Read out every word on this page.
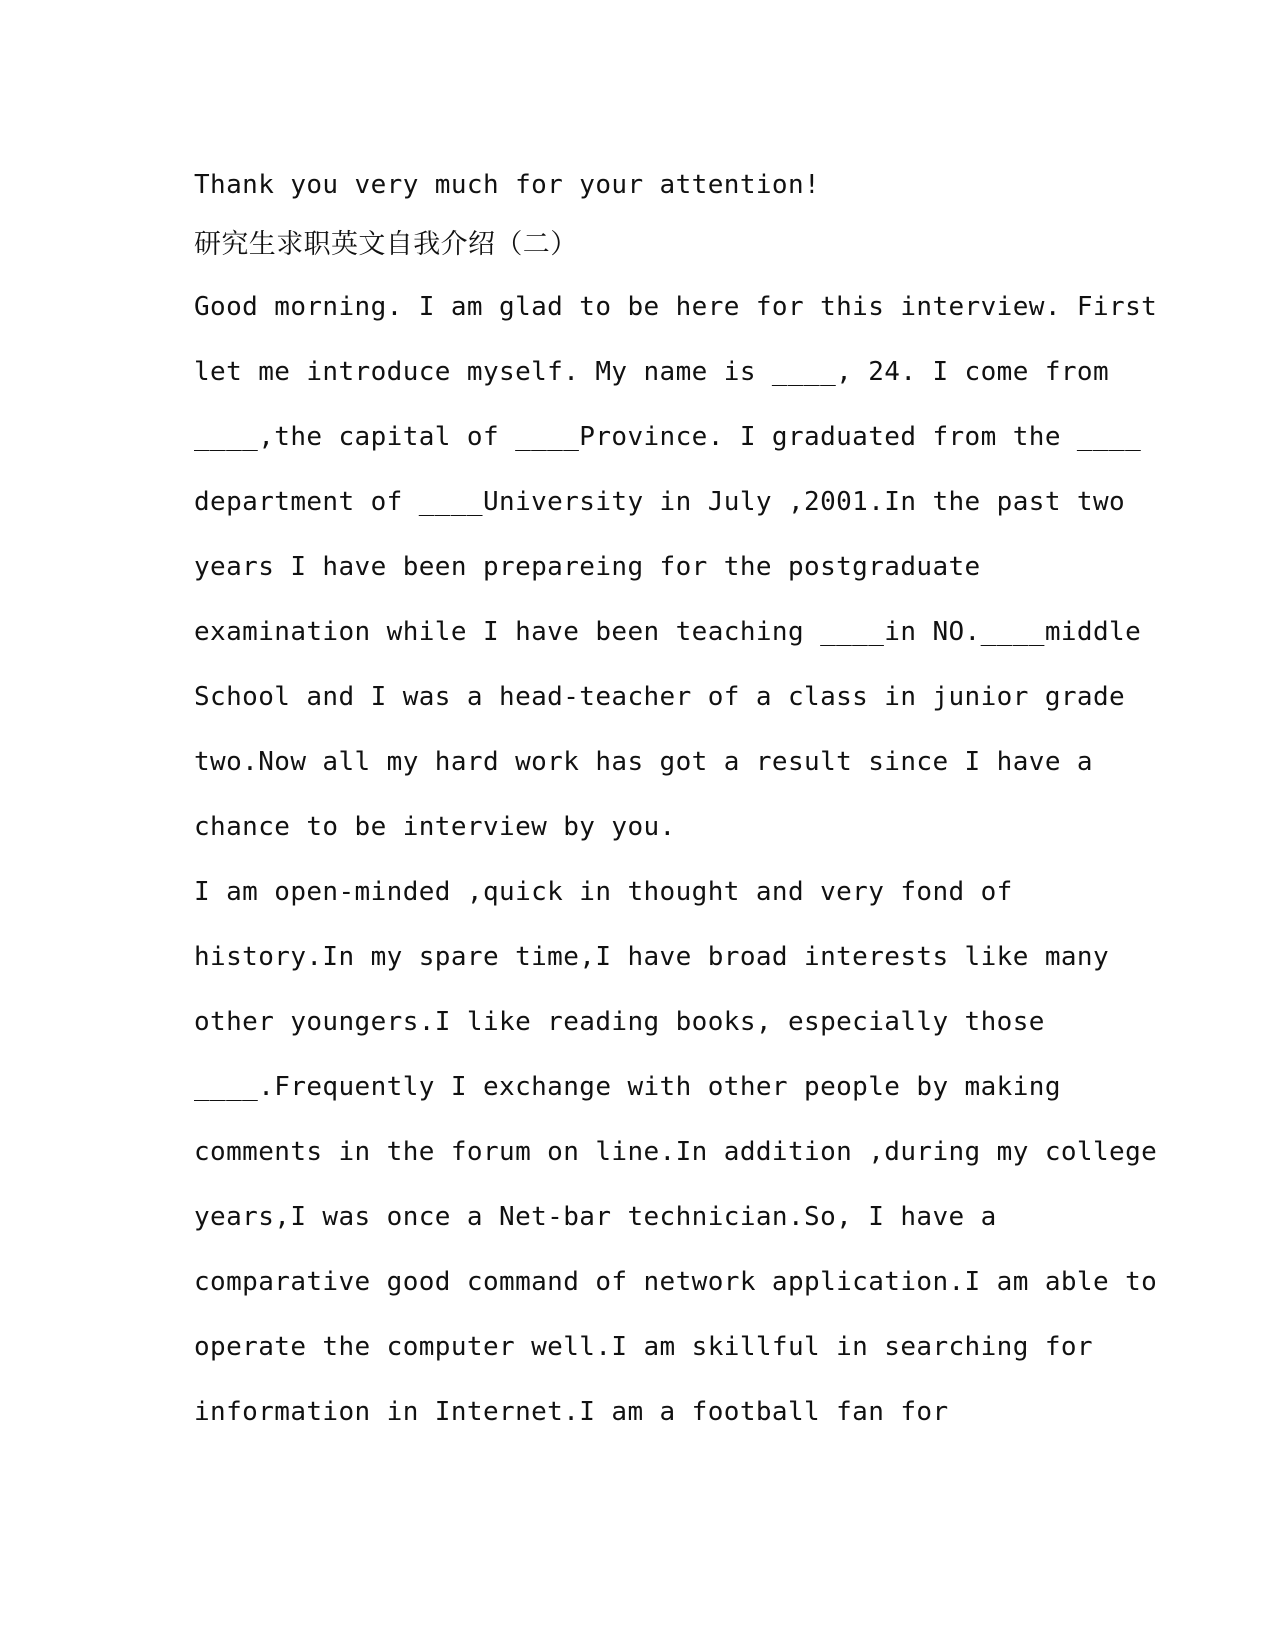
Thank you very much for your attention!
研究生求职英文自我介绍（二）
Good morning. I am glad to be here for this interview. First
let me introduce myself. My name is ____, 24. I come from
____,the capital of ____Province. I graduated from the ____
department of ____University in July ,2001.In the past two
years I have been prepareing for the postgraduate
examination while I have been teaching ____in NO.____middle
School and I was a head-teacher of a class in junior grade
two.Now all my hard work has got a result since I have a
chance to be interview by you.
I am open-minded ,quick in thought and very fond of
history.In my spare time,I have broad interests like many
other youngers.I like reading books, especially those
____.Frequently I exchange with other people by making
comments in the forum on line.In addition ,during my college
years,I was once a Net-bar technician.So, I have a
comparative good command of network application.I am able to
operate the computer well.I am skillful in searching for
information in Internet.I am a football fan for
